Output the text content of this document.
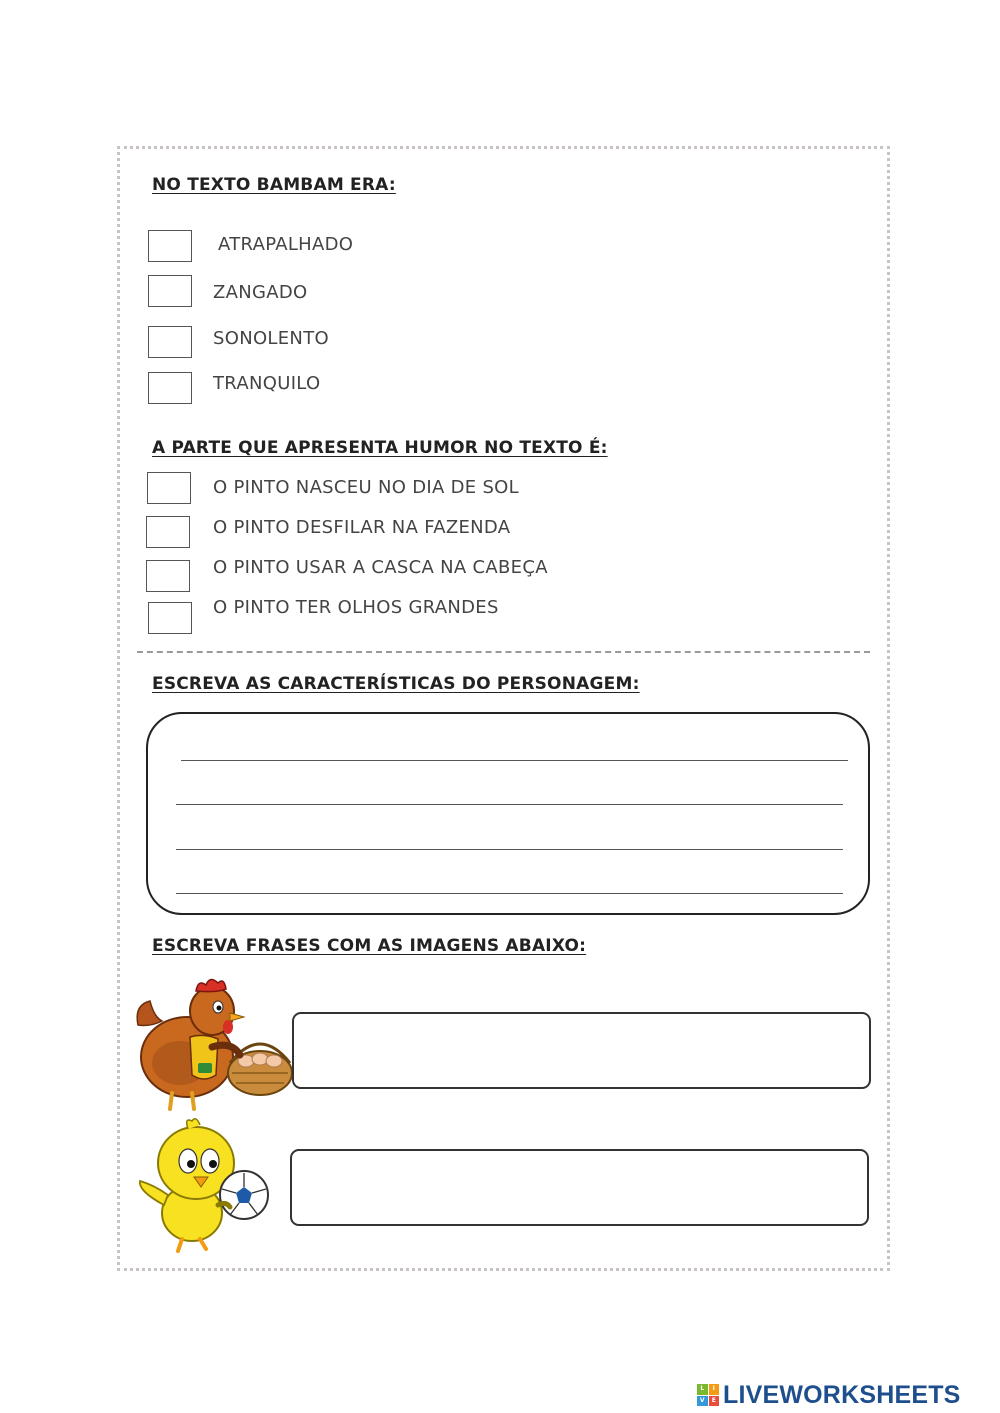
NO TEXTO BAMBAM ERA:
ATRAPALHADO
ZANGADO
SONOLENTO
TRANQUILO
A PARTE QUE APRESENTA HUMOR NO TEXTO É:
O PINTO NASCEU NO DIA DE SOL
O PINTO DESFILAR NA FAZENDA
O PINTO USAR A CASCA NA CABEÇA
O PINTO TER OLHOS GRANDES
ESCREVA AS CARACTERÍSTICAS DO PERSONAGEM:
ESCREVA FRASES COM AS IMAGENS ABAIXO:
L	I
V	E LIVEWORKSHEETS
